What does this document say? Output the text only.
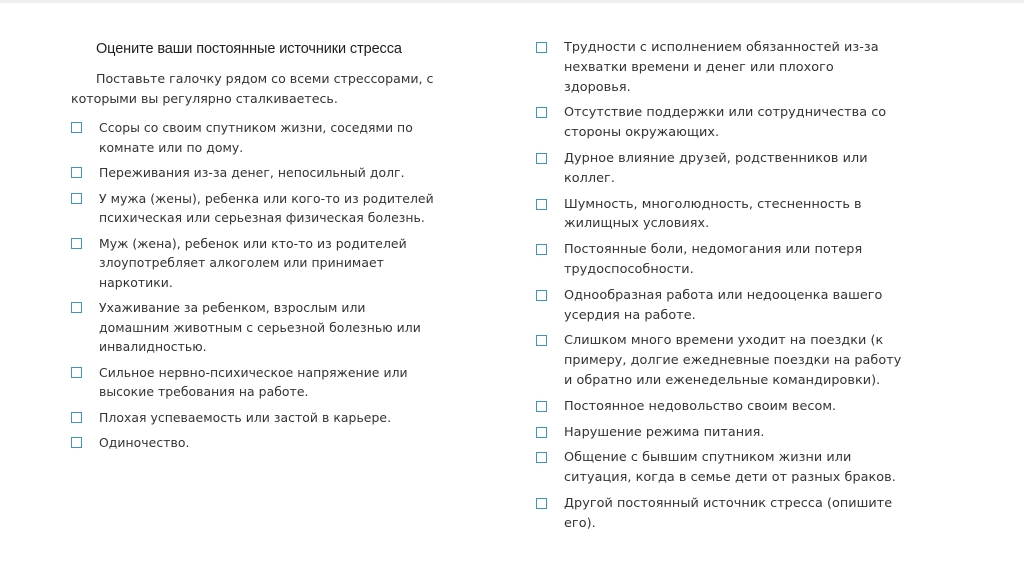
Оцените ваши постоянные источники стресса
Поставьте галочку рядом со всеми стрессорами, с которыми вы регулярно сталкиваетесь.
Ссоры со своим спутником жизни, соседями по комнате или по дому.
Переживания из-за денег, непосильный долг.
У мужа (жены), ребенка или кого-то из родителей психическая или серьезная физическая болезнь.
Муж (жена), ребенок или кто-то из родителей злоупотребляет алкоголем или принимает наркотики.
Ухаживание за ребенком, взрослым или домашним животным с серьезной болезнью или инвалидностью.
Сильное нервно-психическое напряжение или высокие требования на работе.
Плохая успеваемость или застой в карьере.
Одиночество.
Трудности с исполнением обязанностей из-за нехватки времени и денег или плохого здоровья.
Отсутствие поддержки или сотрудничества со стороны окружающих.
Дурное влияние друзей, родственников или коллег.
Шумность, многолюдность, стесненность в жилищных условиях.
Постоянные боли, недомогания или потеря трудоспособности.
Однообразная работа или недооценка вашего усердия на работе.
Слишком много времени уходит на поездки (к примеру, долгие ежедневные поездки на работу и обратно или еженедельные командировки).
Постоянное недовольство своим весом.
Нарушение режима питания.
Общение с бывшим спутником жизни или ситуация, когда в семье дети от разных браков.
Другой постоянный источник стресса (опишите его).
